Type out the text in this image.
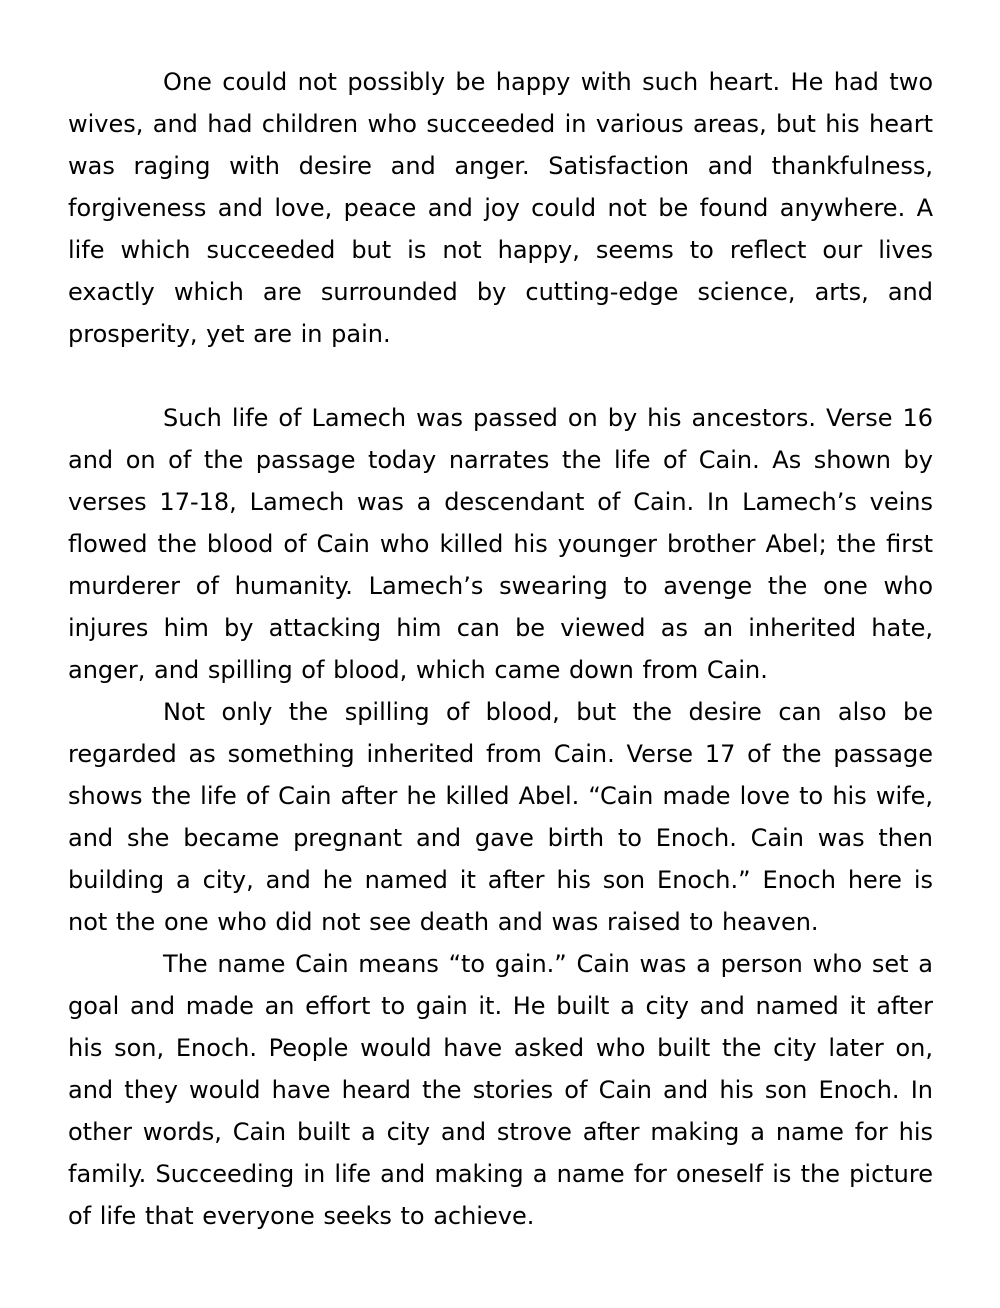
One could not possibly be happy with such heart. He had two wives, and had children who succeeded in various areas, but his heart was raging with desire and anger. Satisfaction and thankfulness, forgiveness and love, peace and joy could not be found anywhere. A life which succeeded but is not happy, seems to reflect our lives exactly which are surrounded by cutting-edge science, arts, and prosperity, yet are in pain.

Such life of Lamech was passed on by his ancestors. Verse 16 and on of the passage today narrates the life of Cain. As shown by verses 17-18, Lamech was a descendant of Cain. In Lamech’s veins flowed the blood of Cain who killed his younger brother Abel; the first murderer of humanity. Lamech’s swearing to avenge the one who injures him by attacking him can be viewed as an inherited hate, anger, and spilling of blood, which came down from Cain.

Not only the spilling of blood, but the desire can also be regarded as something inherited from Cain. Verse 17 of the passage shows the life of Cain after he killed Abel. “Cain made love to his wife, and she became pregnant and gave birth to Enoch. Cain was then building a city, and he named it after his son Enoch.” Enoch here is not the one who did not see death and was raised to heaven.

The name Cain means “to gain.” Cain was a person who set a goal and made an effort to gain it. He built a city and named it after his son, Enoch. People would have asked who built the city later on, and they would have heard the stories of Cain and his son Enoch. In other words, Cain built a city and strove after making a name for his family. Succeeding in life and making a name for oneself is the picture of life that everyone seeks to achieve.
